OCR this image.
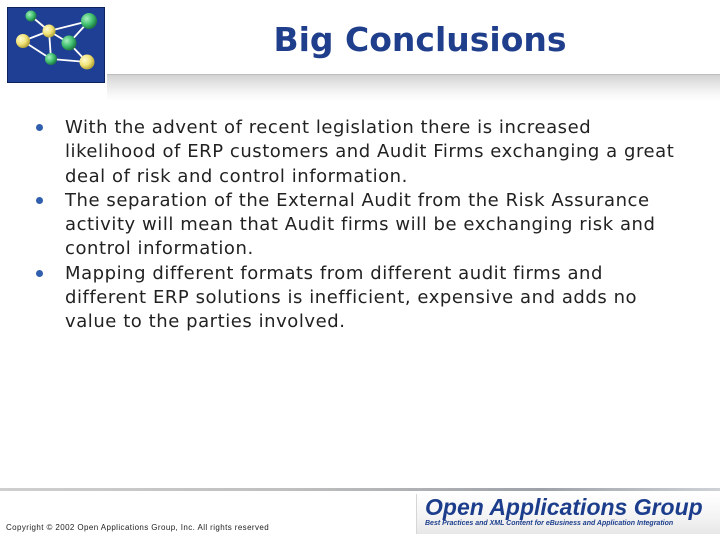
Big Conclusions
With the advent of recent legislation there is increased likelihood of ERP customers and Audit Firms exchanging a great deal of risk and control information.
The separation of the External Audit from the Risk Assurance activity will mean that Audit firms will be exchanging risk and control information.
Mapping different formats from different audit firms and different ERP solutions is inefficient, expensive and adds no value to the parties involved.
Copyright © 2002 Open Applications Group, Inc. All rights reserved
Open Applications Group
Best Practices and XML Content for eBusiness and Application Integration
